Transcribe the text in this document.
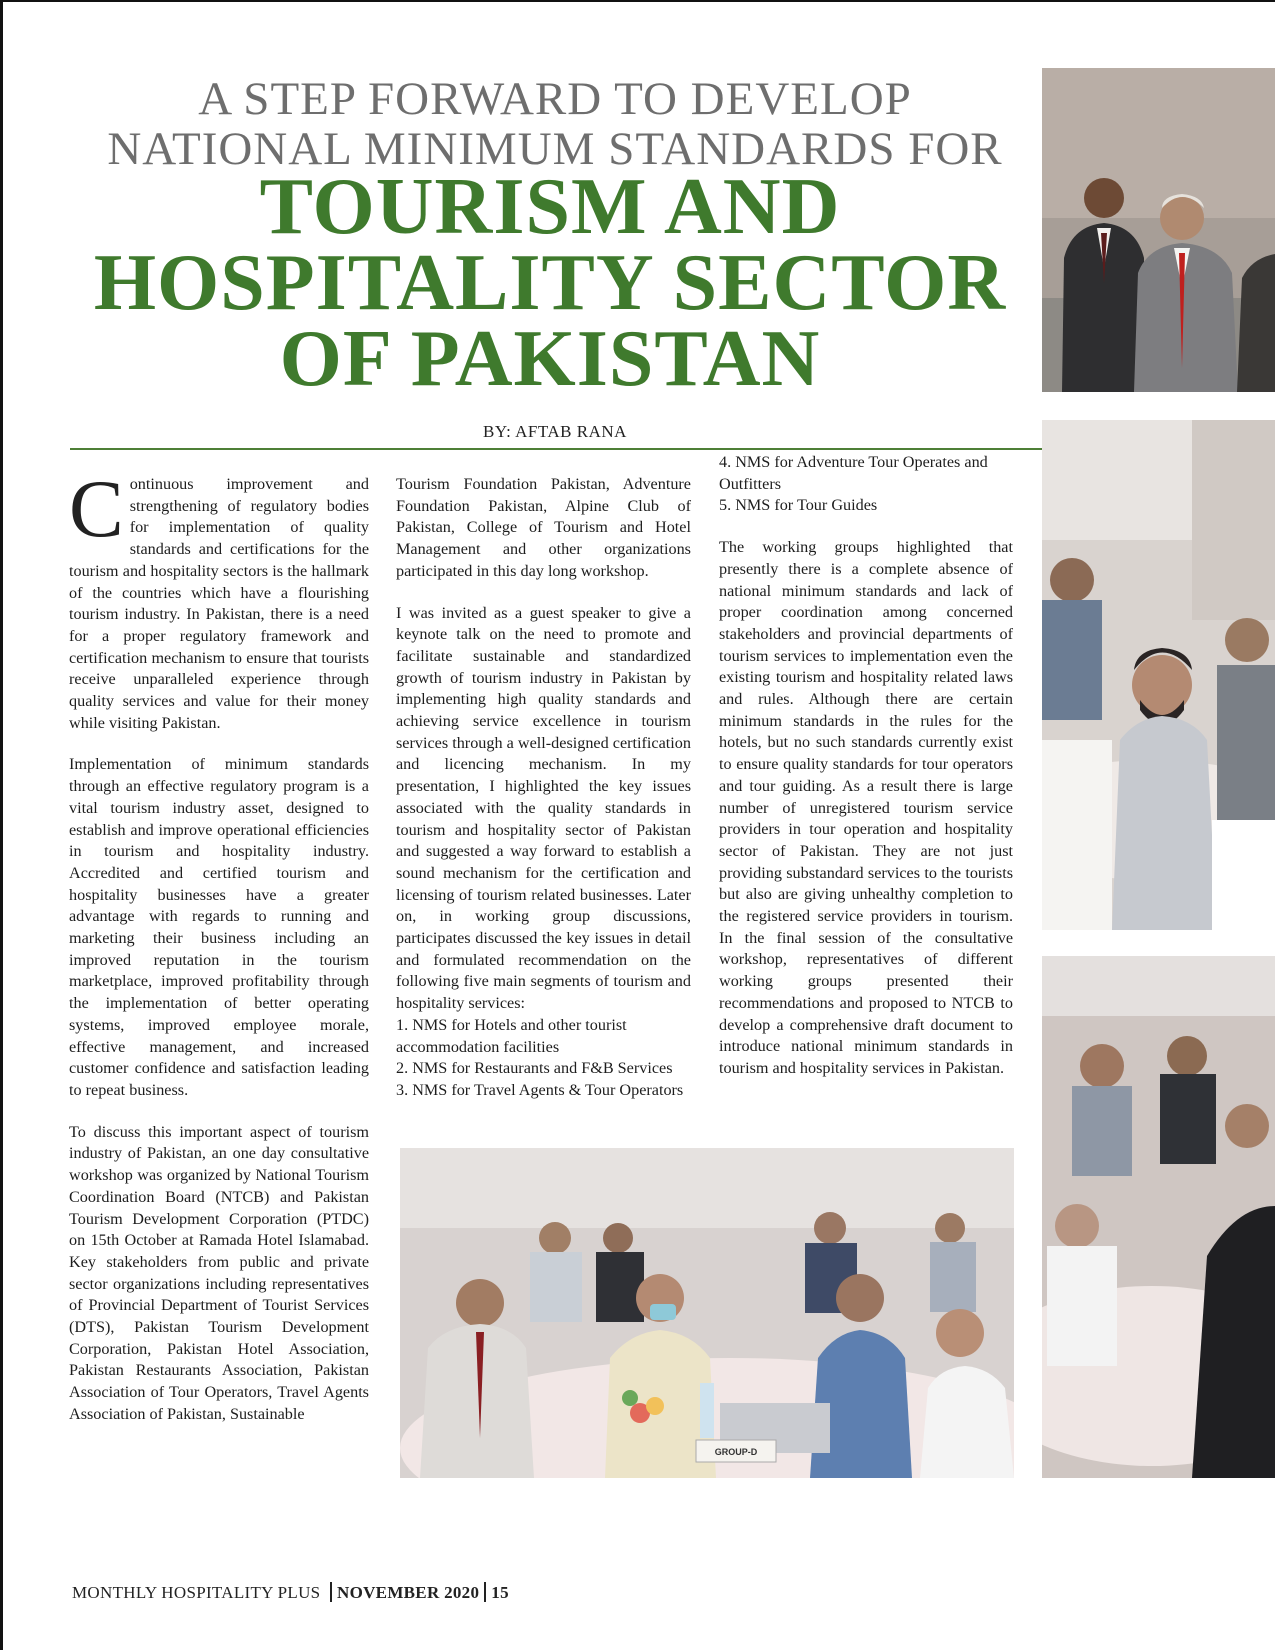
A STEP FORWARD TO DEVELOP
NATIONAL MINIMUM STANDARDS FOR
TOURISM AND
HOSPITALITY SECTOR
OF PAKISTAN
BY: AFTAB RANA

Continuous improvement and strengthening of regulatory bodies for implementation of quality standards and certifications for the tourism and hospitality sectors is the hallmark of the countries which have a flourishing tourism industry. In Pakistan, there is a need for a proper regulatory framework and certification mechanism to ensure that tourists receive unparalleled experience through quality services and value for their money while visiting Pakistan.

Implementation of minimum standards through an effective regulatory program is a vital tourism industry asset, designed to establish and improve operational efficiencies in tourism and hospitality industry. Accredited and certified tourism and hospitality businesses have a greater advantage with regards to running and marketing their business including an improved reputation in the tourism marketplace, improved profitability through the implementation of better operating systems, improved employee morale, effective management, and increased customer confidence and satisfaction leading to repeat business.

To discuss this important aspect of tourism industry of Pakistan, an one day consultative workshop was organized by National Tourism Coordination Board (NTCB) and Pakistan Tourism Development Corporation (PTDC) on 15th October at Ramada Hotel Islamabad. Key stakeholders from public and private sector organizations including representatives of Provincial Department of Tourist Services (DTS), Pakistan Tourism Development Corporation, Pakistan Hotel Association, Pakistan Restaurants Association, Pakistan Association of Tour Operators, Travel Agents Association of Pakistan, Sustainable

Tourism Foundation Pakistan, Adventure Foundation Pakistan, Alpine Club of Pakistan, College of Tourism and Hotel Management and other organizations participated in this day long workshop.

I was invited as a guest speaker to give a keynote talk on the need to promote and facilitate sustainable and standardized growth of tourism industry in Pakistan by implementing high quality standards and achieving service excellence in tourism services through a well-designed certification and licencing mechanism. In my presentation, I highlighted the key issues associated with the quality standards in tourism and hospitality sector of Pakistan and suggested a way forward to establish a sound mechanism for the certification and licensing of tourism related businesses. Later on, in working group discussions, participates discussed the key issues in detail and formulated recommendation on the following five main segments of tourism and hospitality services:

1. NMS for Hotels and other tourist accommodation facilities

2. NMS for Restaurants and F&B Services

3. NMS for Travel Agents & Tour Operators

4. NMS for Adventure Tour Operates and Outfitters

5. NMS for Tour Guides

The working groups highlighted that presently there is a complete absence of national minimum standards and lack of proper coordination among concerned stakeholders and provincial departments of tourism services to implementation even the existing tourism and hospitality related laws and rules. Although there are certain minimum standards in the rules for the hotels, but no such standards currently exist to ensure quality standards for tour operators and tour guiding. As a result there is large number of unregistered tourism service providers in tour operation and hospitality sector of Pakistan. They are not just providing substandard services to the tourists but also are giving unhealthy completion to the registered service providers in tourism. In the final session of the consultative workshop, representatives of different working groups presented their recommendations and proposed to NTCB to develop a comprehensive draft document to introduce national minimum standards in tourism and hospitality services in Pakistan.

GROUP-D
MONTHLY HOSPITALITY PLUS NOVEMBER 2020 15
